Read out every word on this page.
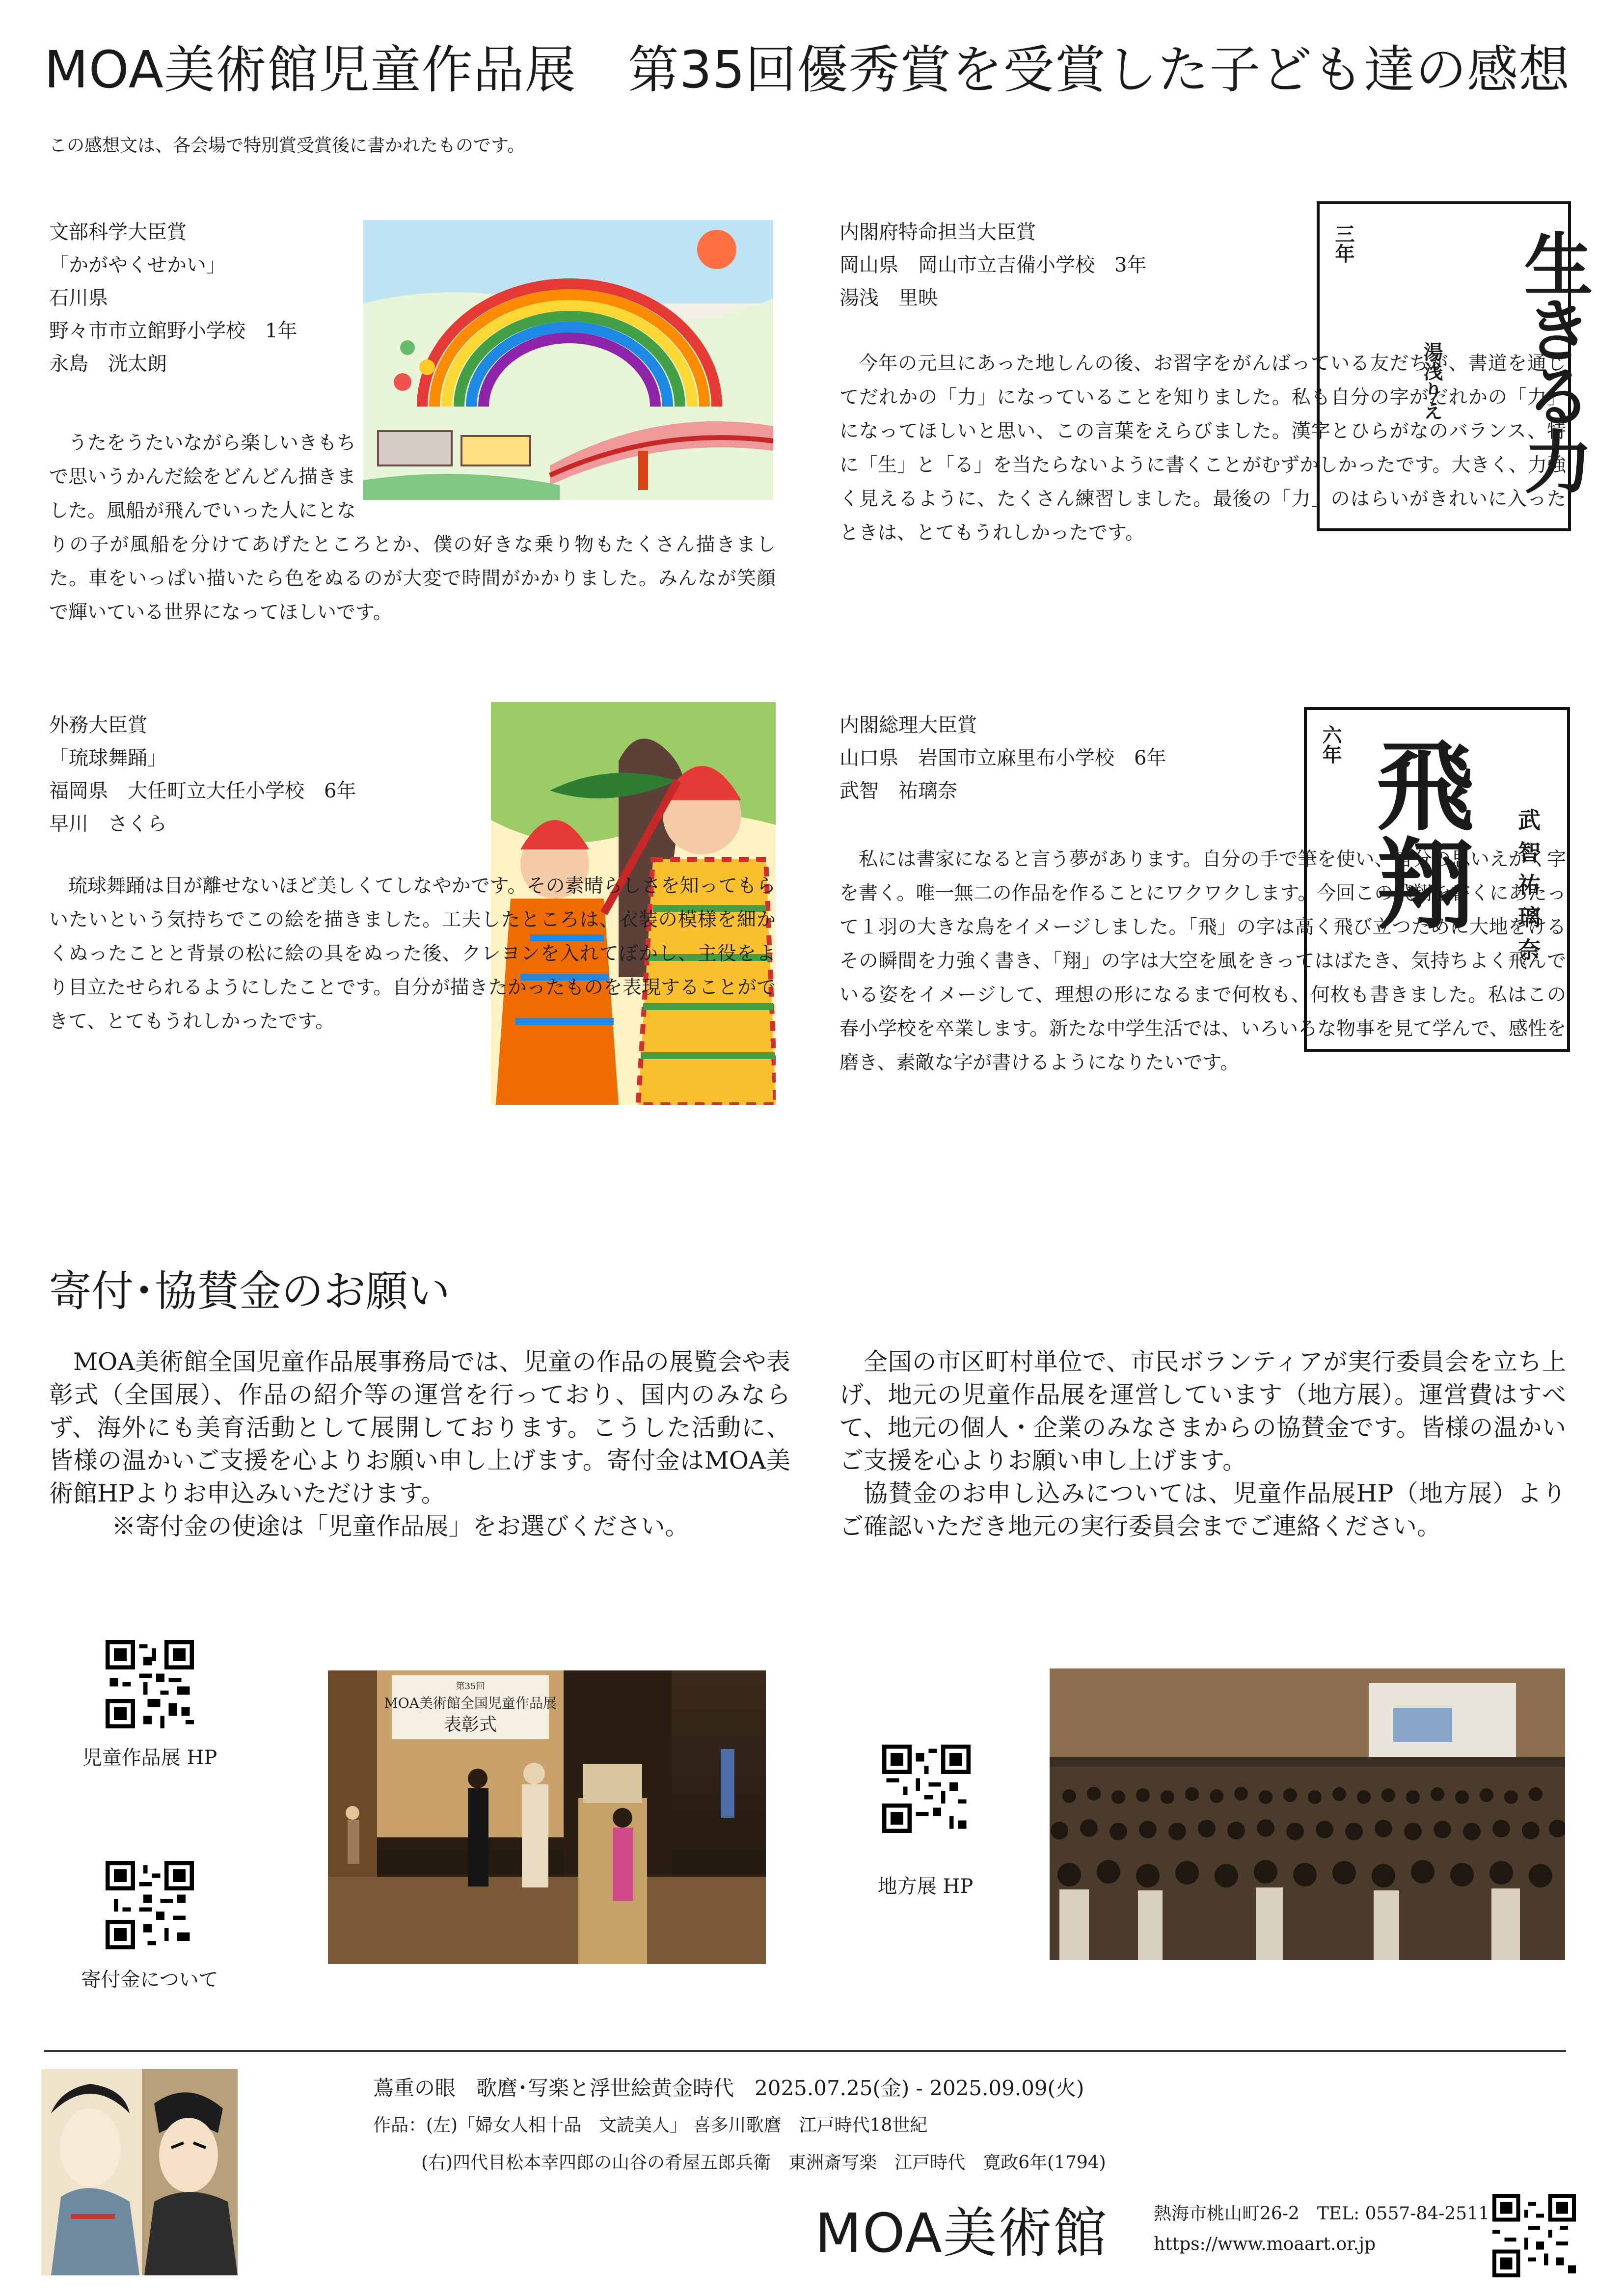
MOA美術館児童作品展　第35回優秀賞を受賞した子ども達の感想
この感想文は、各会場で特別賞受賞後に書かれたものです。
文部科学大臣賞
「かがやくせかい」
石川県
野々市市立館野小学校　1年
永島　洸太朗

うたをうたいながら楽しいきもちで思いうかんだ絵をどんどん描きました。風船が飛んでいった人にとなりの子が風船を分けてあげたところとか、僕の好きな乗り物もたくさん描きました。車をいっぱい描いたら色をぬるのが大変で時間がかかりました。みんなが笑顔で輝いている世界になってほしいです。

内閣府特命担当大臣賞
岡山県　岡山市立吉備小学校　3年
湯浅　里映	生きる力
三年
湯浅りえ

今年の元旦にあった地しんの後、お習字をがんばっている友だちが、書道を通じてだれかの「力」になっていることを知りました。私も自分の字がだれかの「力」になってほしいと思い、この言葉をえらびました。漢字とひらがなのバランス、特に「生」と「る」を当たらないように書くことがむずかしかったです。大きく、力強く見えるように、たくさん練習しました。最後の「力」のはらいがきれいに入ったときは、とてもうれしかったです。

外務大臣賞
「琉球舞踊」
福岡県　大任町立大任小学校　6年
早川　さくら

琉球舞踊は目が離せないほど美しくてしなやかです。その素晴らしさを知ってもらいたいという気持ちでこの絵を描きました。工夫したところは、衣装の模様を細かくぬったことと背景の松に絵の具をぬった後、クレヨンを入れてぼかし、主役をより目立たせられるようにしたことです。自分が描きたかったものを表現することができて、とてもうれしかったです。

内閣総理大臣賞
山口県　岩国市立麻里布小学校　6年
武智　祐璃奈	飛翔
六年
武智祐璃奈

私には書家になると言う夢があります。自分の手で筆を使い、自分の思いえがく字を書く。唯一無二の作品を作ることにワクワクします。今回この飛翔を書くにあたって１羽の大きな鳥をイメージしました。「飛」の字は高く飛び立つために大地をけるその瞬間を力強く書き、「翔」の字は大空を風をきってはばたき、気持ちよく飛んでいる姿をイメージして、理想の形になるまで何枚も、何枚も書きました。私はこの春小学校を卒業します。新たな中学生活では、いろいろな物事を見て学んで、感性を磨き、素敵な字が書けるようになりたいです。

寄付･協賛金のお願い

MOA美術館全国児童作品展事務局では、児童の作品の展覧会や表彰式（全国展）、作品の紹介等の運営を行っており、国内のみならず、海外にも美育活動として展開しております。こうした活動に、皆様の温かいご支援を心よりお願い申し上げます。寄付金はMOA美術館HPよりお申込みいただけます。

※寄付金の使途は「児童作品展」をお選びください。

全国の市区町村単位で、市民ボランティアが実行委員会を立ち上げ、地元の児童作品展を運営しています（地方展）。運営費はすべて、地元の個人・企業のみなさまからの協賛金です。皆様の温かいご支援を心よりお願い申し上げます。

協賛金のお申し込みについては、児童作品展HP（地方展）よりご確認いただき地元の実行委員会までご連絡ください。

児童作品展 HP
寄付金について
地方展 HP
第35回
MOA美術館全国児童作品展
表彰式
蔦重の眼　歌麿･写楽と浮世絵黄金時代　2025.07.25(金) - 2025.09.09(火)
作品：(左)「婦女人相十品　文読美人」 喜多川歌麿　江戸時代18世紀
(右)四代目松本幸四郎の山谷の肴屋五郎兵衛　東洲斎写楽　江戸時代　寛政6年(1794)
MOA美術館	熱海市桃山町26-2　TEL: 0557-84-2511
https://www.moaart.or.jp
